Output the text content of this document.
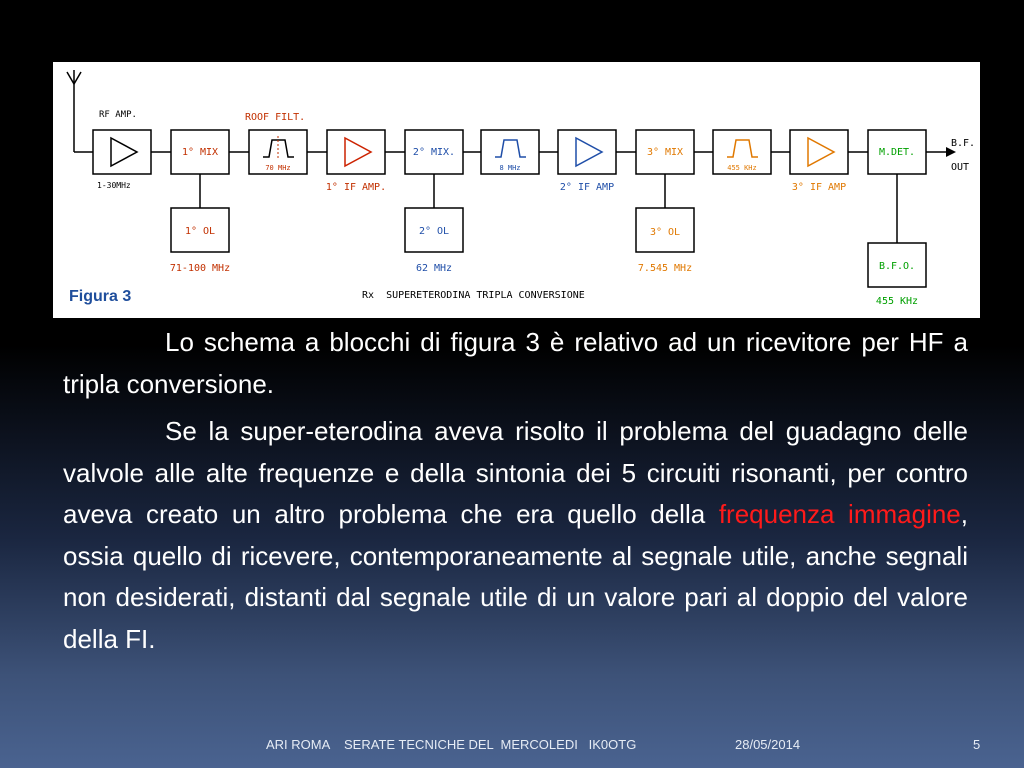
RF AMP.
1-30MHz
1° MIX
1° OL
71-100 MHz
ROOF FILT.
70 MHz
1° IF AMP.
2° MIX.
2° OL
62 MHz
8 MHz
2° IF AMP
3° MIX
3° OL
7.545 MHz
455 KHz
3° IF AMP
M.DET.
B.F.O.
455 KHz
B.F.
OUT
Rx  SUPERETERODINA TRIPLA CONVERSIONE
Figura 3

Lo schema a blocchi di figura 3 è relativo ad un ricevitore per HF a tripla conversione.

Se la super-eterodina aveva risolto il problema del guadagno delle valvole alle alte frequenze e della sintonia dei 5 circuiti risonanti, per contro aveva creato un altro problema che era quello della frequenza immagine, ossia quello di ricevere, contemporaneamente al segnale utile, anche segnali non desiderati, distanti dal segnale utile di un valore pari al doppio del valore della FI.

ARI ROMA    SERATE TECNICHE DEL  MERCOLEDI   IK0OTG	28/05/2014	5
